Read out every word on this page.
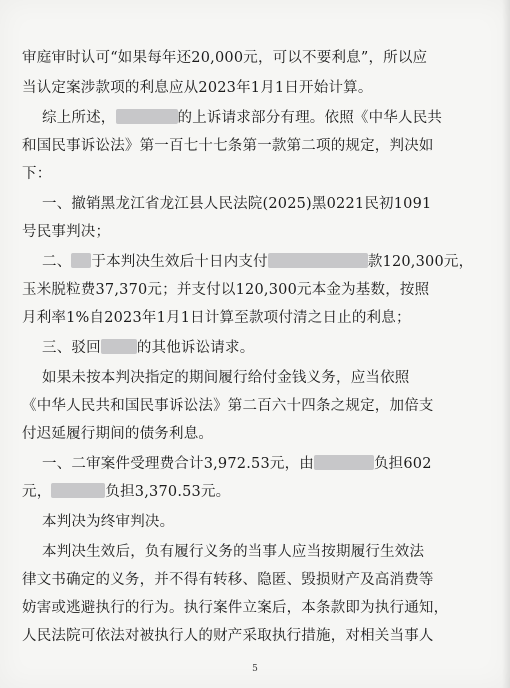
审庭审时认可“如果每年还20,000元，可以不要利息”，所以应
当认定案涉款项的利息应从2023年1月1日开始计算。
综上所述，	的上诉请求部分有理。依照《中华人民共
和国民事诉讼法》第一百七十七条第一款第二项的规定，判决如
下：
一、撤销黑龙江省龙江县人民法院(2025)黑0221民初1091
号民事判决；
二、 于本判决生效后十日内支付	款120,300元，
玉米脱粒费37,370元；并支付以120,300元本金为基数，按照
月利率1%自2023年1月1日计算至款项付清之日止的利息；
三、驳回 的其他诉讼请求。
如果未按本判决指定的期间履行给付金钱义务，应当依照
《中华人民共和国民事诉讼法》第二百六十四条之规定，加倍支
付迟延履行期间的债务利息。
一、二审案件受理费合计3,972.53元，由	负担602
元，	负担3,370.53元。
本判决为终审判决。
本判决生效后，负有履行义务的当事人应当按期履行生效法
律文书确定的义务，并不得有转移、隐匿、毁损财产及高消费等
妨害或逃避执行的行为。执行案件立案后，本条款即为执行通知，
人民法院可依法对被执行人的财产采取执行措施，对相关当事人
5
